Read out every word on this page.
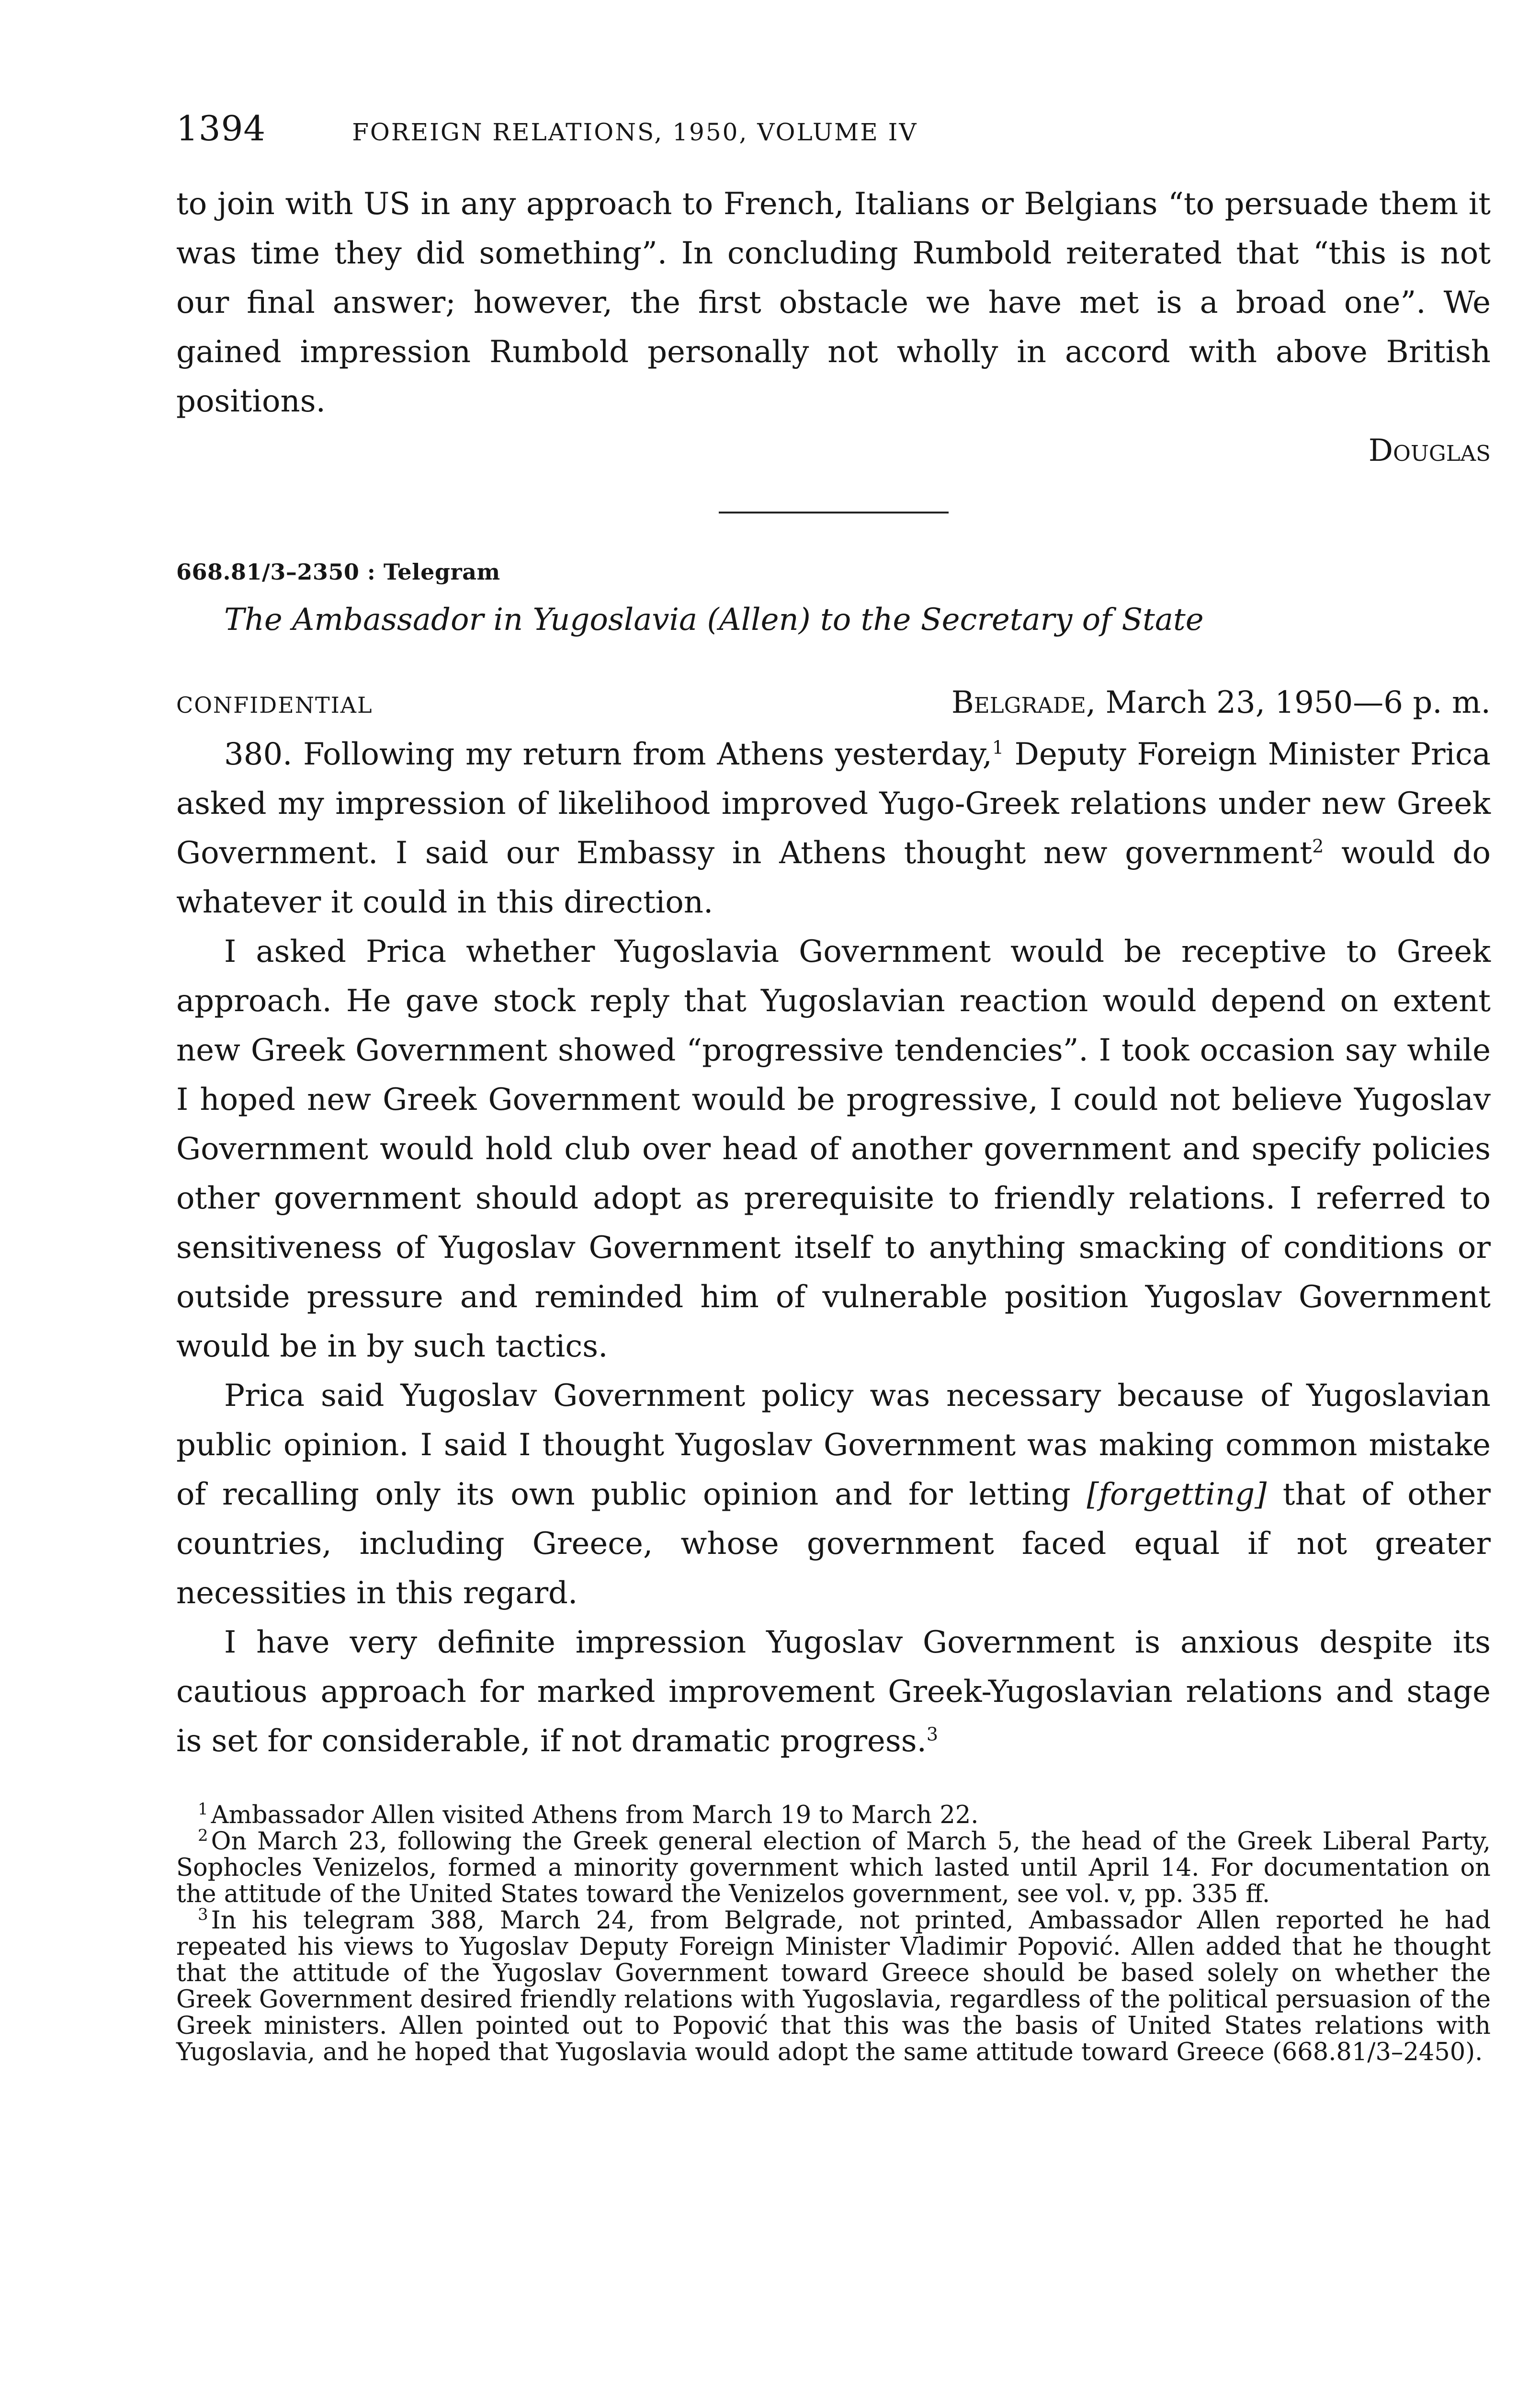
1394	FOREIGN RELATIONS, 1950, VOLUME IV

to join with US in any approach to French, Italians or Belgians “to persuade them it was time they did something”. In concluding Rumbold reiterated that “this is not our final answer; however, the first obstacle we have met is a broad one”. We gained impression Rumbold personally not wholly in accord with above British positions.

Douglas

668.81/3–2350 : Telegram

The Ambassador in Yugoslavia (Allen) to the Secretary of State

CONFIDENTIAL	Belgrade, March 23, 1950—6 p. m.

380. Following my return from Athens yesterday,$^1$ Deputy Foreign Minister Prica asked my impression of likelihood improved Yugo-Greek relations under new Greek Government. I said our Embassy in Athens thought new government$^2$ would do whatever it could in this direction.

I asked Prica whether Yugoslavia Government would be receptive to Greek approach. He gave stock reply that Yugoslavian reaction would depend on extent new Greek Government showed “progressive tendencies”. I took occasion say while I hoped new Greek Government would be progressive, I could not believe Yugoslav Government would hold club over head of another government and specify policies other government should adopt as prerequisite to friendly relations. I referred to sensitiveness of Yugoslav Government itself to anything smacking of conditions or outside pressure and reminded him of vulnerable position Yugoslav Government would be in by such tactics.

Prica said Yugoslav Government policy was necessary because of Yugoslavian public opinion. I said I thought Yugoslav Government was making common mistake of recalling only its own public opinion and for letting [forgetting] that of other countries, including Greece, whose government faced equal if not greater necessities in this regard.

I have very definite impression Yugoslav Government is anxious despite its cautious approach for marked improvement Greek-Yugoslavian relations and stage is set for considerable, if not dramatic progress.$^3$

$^1$ Ambassador Allen visited Athens from March 19 to March 22.

$^2$ On March 23, following the Greek general election of March 5, the head of the Greek Liberal Party, Sophocles Venizelos, formed a minority government which lasted until April 14. For documentation on the attitude of the United States toward the Venizelos government, see vol. v, pp. 335 ff.

$^3$ In his telegram 388, March 24, from Belgrade, not printed, Ambassador Allen reported he had repeated his views to Yugoslav Deputy Foreign Minister Vladimir Popović. Allen added that he thought that the attitude of the Yugoslav Government toward Greece should be based solely on whether the Greek Government desired friendly relations with Yugoslavia, regardless of the political persuasion of the Greek ministers. Allen pointed out to Popović that this was the basis of United States relations with Yugoslavia, and he hoped that Yugoslavia would adopt the same attitude toward Greece (668.81/3–2450).
